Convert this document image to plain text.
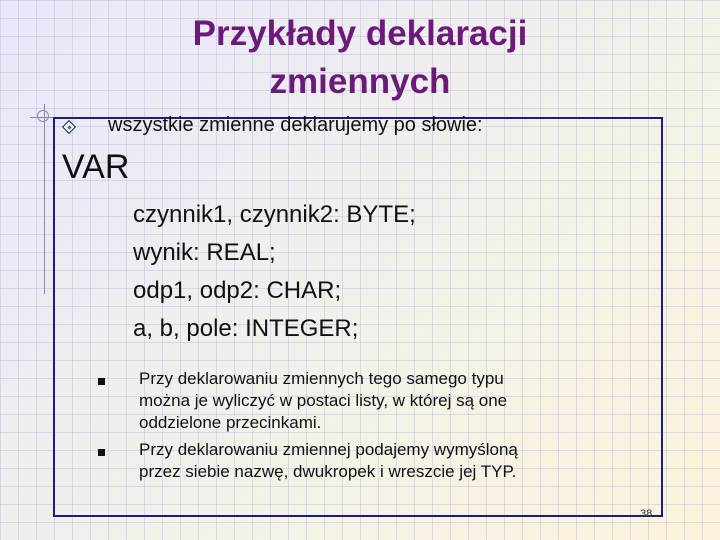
Przykłady deklaracji
zmiennych
wszystkie zmienne deklarujemy po słowie:
VAR
czynnik1, czynnik2: BYTE;
wynik: REAL;
odp1, odp2: CHAR;
a, b, pole: INTEGER;
Przy deklarowaniu zmiennych tego samego typu
można je wyliczyć w postaci listy, w której są one
oddzielone przecinkami.
Przy deklarowaniu zmiennej podajemy wymyśloną
przez siebie nazwę, dwukropek i wreszcie jej TYP.
38
